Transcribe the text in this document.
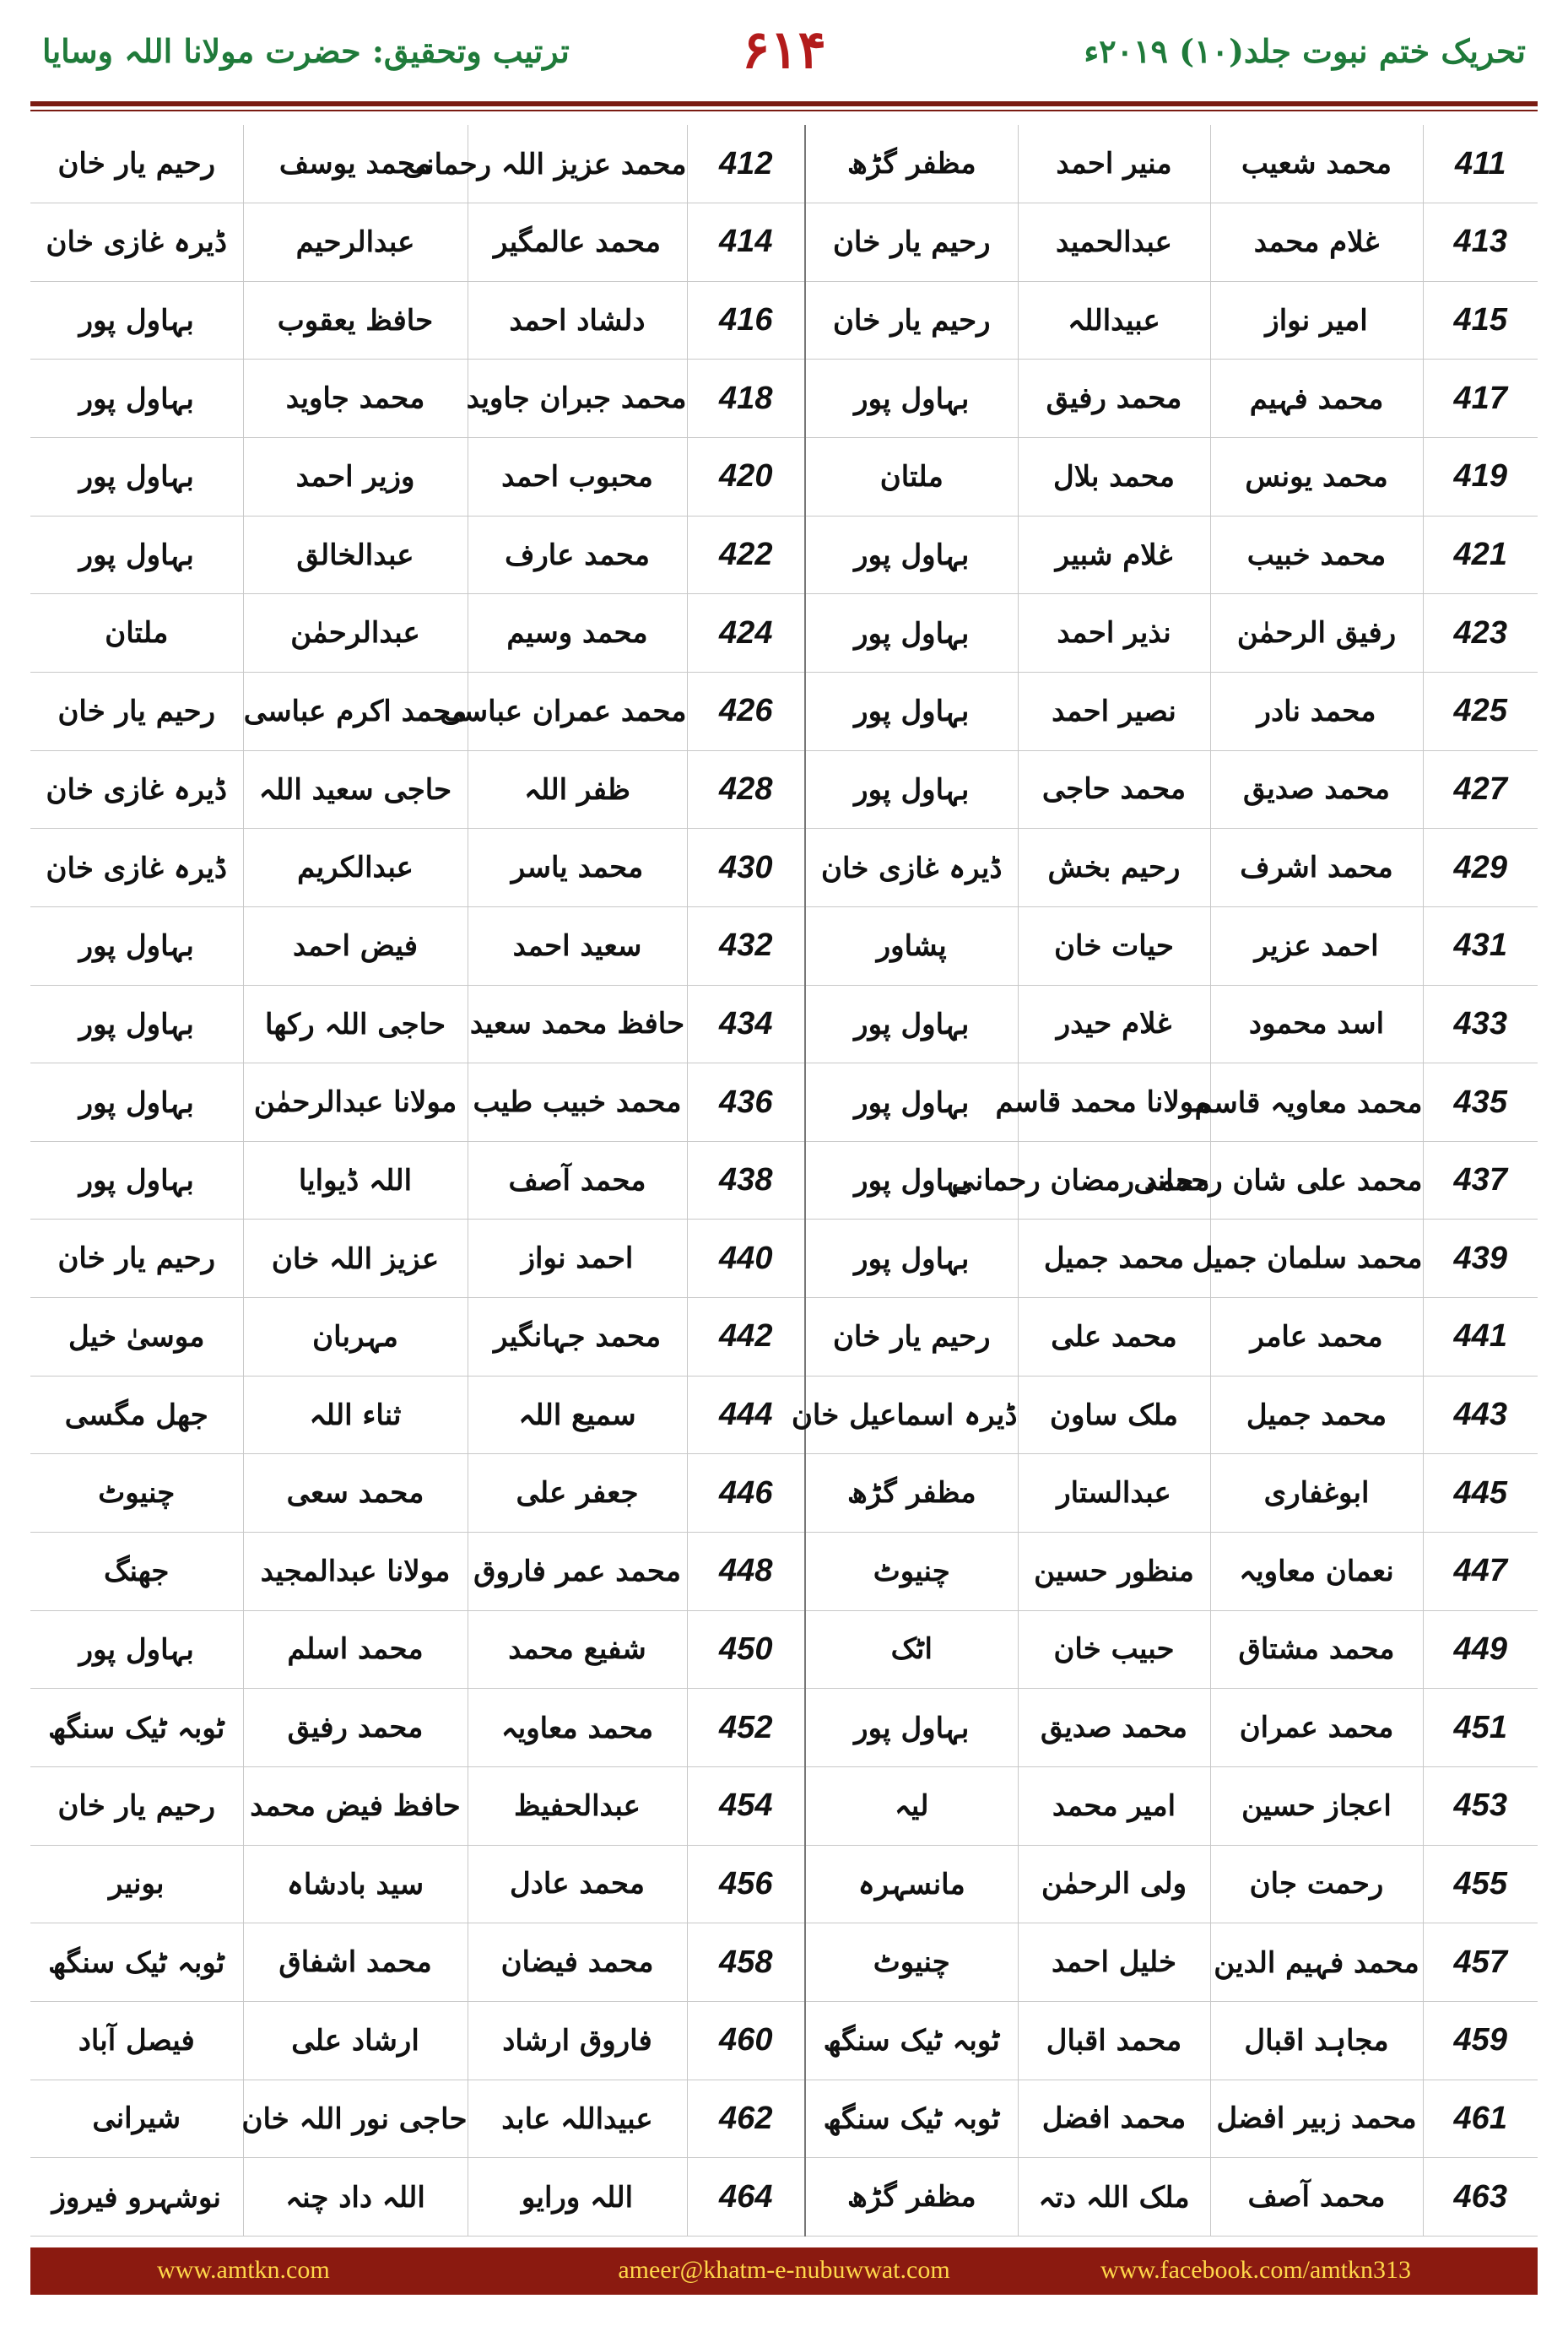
ترتیب وتحقیق: حضرت مولانا اللہ وسایا	۶۱۴	تحریک ختم نبوت جلد(۱۰) ۲۰۱۹ء
411	محمد شعیب	منیر احمد	مظفر گڑھ	412	محمد عزیز اللہ رحمانی	محمد یوسف	رحیم یار خان
413	غلام محمد	عبدالحمید	رحیم یار خان	414	محمد عالمگیر	عبدالرحیم	ڈیرہ غازی خان
415	امیر نواز	عبیداللہ	رحیم یار خان	416	دلشاد احمد	حافظ یعقوب	بہاول پور
417	محمد فہیم	محمد رفیق	بہاول پور	418	محمد جبران جاوید	محمد جاوید	بہاول پور
419	محمد یونس	محمد بلال	ملتان	420	محبوب احمد	وزیر احمد	بہاول پور
421	محمد خبیب	غلام شبیر	بہاول پور	422	محمد عارف	عبدالخالق	بہاول پور
423	رفیق الرحمٰن	نذیر احمد	بہاول پور	424	محمد وسیم	عبدالرحمٰن	ملتان
425	محمد نادر	نصیر احمد	بہاول پور	426	محمد عمران عباسی	محمد اکرم عباسی	رحیم یار خان
427	محمد صدیق	محمد حاجی	بہاول پور	428	ظفر اللہ	حاجی سعید اللہ	ڈیرہ غازی خان
429	محمد اشرف	رحیم بخش	ڈیرہ غازی خان	430	محمد یاسر	عبدالکریم	ڈیرہ غازی خان
431	احمد عزیر	حیات خان	پشاور	432	سعید احمد	فیض احمد	بہاول پور
433	اسد محمود	غلام حیدر	بہاول پور	434	حافظ محمد سعید	حاجی اللہ رکھا	بہاول پور
435	محمد معاویہ قاسم	مولانا محمد قاسم	بہاول پور	436	محمد خبیب طیب	مولانا عبدالرحمٰن	بہاول پور
437	محمد علی شان رحمانی	محمد رمضان رحمانی	بہاول پور	438	محمد آصف	اللہ ڈیوایا	بہاول پور
439	محمد سلمان جمیل	محمد جمیل	بہاول پور	440	احمد نواز	عزیز اللہ خان	رحیم یار خان
441	محمد عامر	محمد علی	رحیم یار خان	442	محمد جہانگیر	مہربان	موسیٰ خیل
443	محمد جمیل	ملک ساون	ڈیرہ اسماعیل خان	444	سمیع اللہ	ثناء اللہ	جھل مگسی
445	ابوغفاری	عبدالستار	مظفر گڑھ	446	جعفر علی	محمد سعی	چنیوٹ
447	نعمان معاویہ	منظور حسین	چنیوٹ	448	محمد عمر فاروق	مولانا عبدالمجید	جھنگ
449	محمد مشتاق	حبیب خان	اٹک	450	شفیع محمد	محمد اسلم	بہاول پور
451	محمد عمران	محمد صدیق	بہاول پور	452	محمد معاویہ	محمد رفیق	ٹوبہ ٹیک سنگھ
453	اعجاز حسین	امیر محمد	لیہ	454	عبدالحفیظ	حافظ فیض محمد	رحیم یار خان
455	رحمت جان	ولی الرحمٰن	مانسہرہ	456	محمد عادل	سید بادشاہ	بونیر
457	محمد فہیم الدین	خلیل احمد	چنیوٹ	458	محمد فیضان	محمد اشفاق	ٹوبہ ٹیک سنگھ
459	مجاہد اقبال	محمد اقبال	ٹوبہ ٹیک سنگھ	460	فاروق ارشاد	ارشاد علی	فیصل آباد
461	محمد زبیر افضل	محمد افضل	ٹوبہ ٹیک سنگھ	462	عبیداللہ عابد	حاجی نور اللہ خان	شیرانی
463	محمد آصف	ملک اللہ دتہ	مظفر گڑھ	464	اللہ ورایو	اللہ داد چنہ	نوشہرو فیروز
www.amtkn.com	ameer@khatm-e-nubuwwat.com	www.facebook.com/amtkn313
